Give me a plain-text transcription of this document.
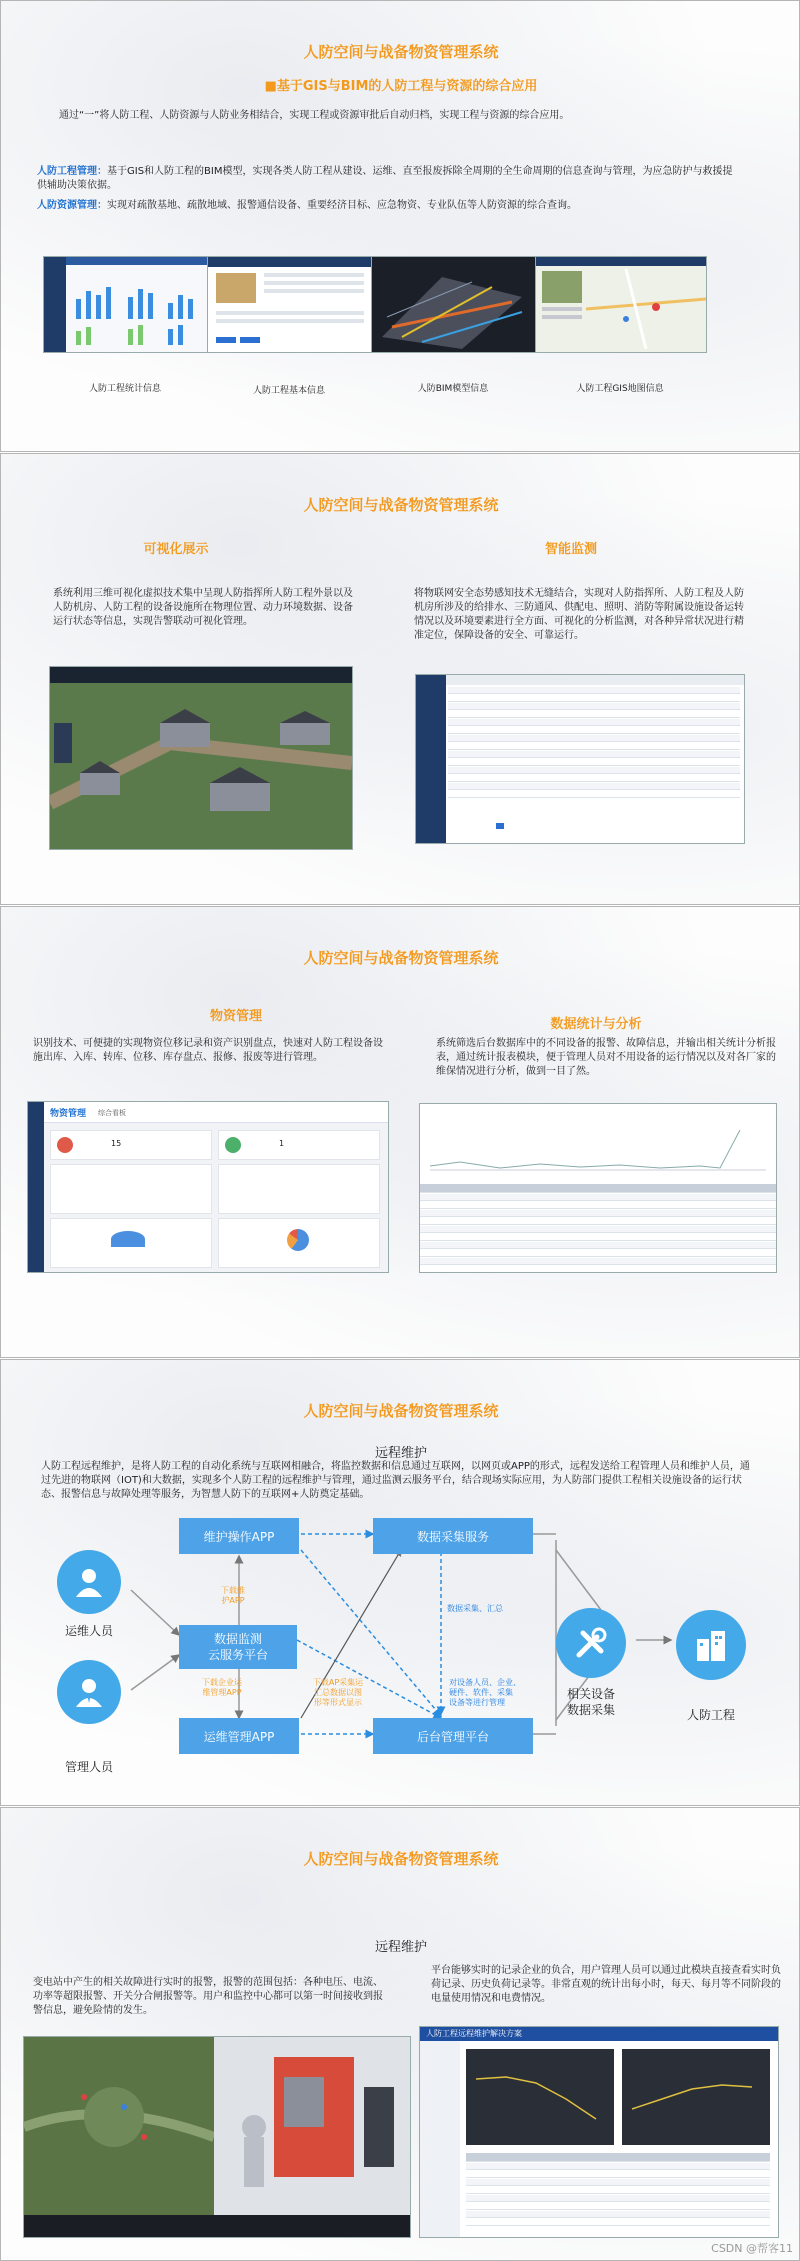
人防空间与战备物资管理系统
■基于GIS与BIM的人防工程与资源的综合应用
通过“一”将人防工程、人防资源与人防业务相结合，实现工程或资源审批后自动归档，实现工程与资源的综合应用。
人防工程管理：基于GIS和人防工程的BIM模型，实现各类人防工程从建设、运维、直至报废拆除全周期的全生命周期的信息查询与管理，为应急防护与救援提供辅助决策依据。
人防资源管理：实现对疏散基地、疏散地域、报警通信设备、重要经济目标、应急物资、专业队伍等人防资源的综合查询。
人防工程统计信息	人防工程基本信息	人防BIM模型信息	人防工程GIS地图信息
人防空间与战备物资管理系统
可视化展示	智能监测
系统利用三维可视化虚拟技术集中呈现人防指挥所人防工程外景以及人防机房、人防工程的设备设施所在物理位置、动力环境数据、设备运行状态等信息，实现告警联动可视化管理。
将物联网安全态势感知技术无缝结合，实现对人防指挥所、人防工程及人防机房所涉及的给排水、三防通风、供配电、照明、消防等附属设施设备运转情况以及环境要素进行全方面、可视化的分析监测，对各种异常状况进行精准定位，保障设备的安全、可靠运行。
人防空间与战备物资管理系统
物资管理
数据统计与分析
识别技术、可便捷的实现物资位移记录和资产识别盘点，快速对人防工程设备设施出库、入库、转库、位移、库存盘点、报修、报废等进行管理。
系统筛选后台数据库中的不同设备的报警、故障信息，并输出相关统计分析报表，通过统计报表模块，便于管理人员对不用设备的运行情况以及对各厂家的维保情况进行分析，做到一目了然。
物资管理 综合看板
15	1
人防空间与战备物资管理系统
远程维护
人防工程远程维护，是将人防工程的自动化系统与互联网相融合，将监控数据和信息通过互联网，以网页或APP的形式，远程发送给工程管理人员和维护人员，通过先进的物联网（IOT)和大数据，实现多个人防工程的远程维护与管理，通过监测云服务平台，结合现场实际应用，为人防部门提供工程相关设施设备的运行状态、报警信息与故障处理等服务，为智慧人防下的互联网+人防奠定基础。
运维人员
管理人员
维护操作APP	数据采集服务
数据监测
云服务平台
运维管理APP	后台管理平台
下载维
护APP
下载企业运
维管理APP
下载AP采集运
汇总数据以图
形等形式显示
数据采集、汇总
对设备人员、企业、
硬件、软件、采集
设备等进行管理
相关设备
数据采集	人防工程
人防空间与战备物资管理系统
远程维护
变电站中产生的相关故障进行实时的报警，报警的范围包括：各种电压、电流、功率等超限报警、开关分合闸报警等。用户和监控中心都可以第一时间接收到报警信息，避免险情的发生。
平台能够实时的记录企业的负合，用户管理人员可以通过此模块直接查看实时负荷记录、历史负荷记录等。非常直观的统计出每小时，每天、每月等不同阶段的电量使用情况和电费情况。
人防工程远程维护解决方案
CSDN @帮客11
